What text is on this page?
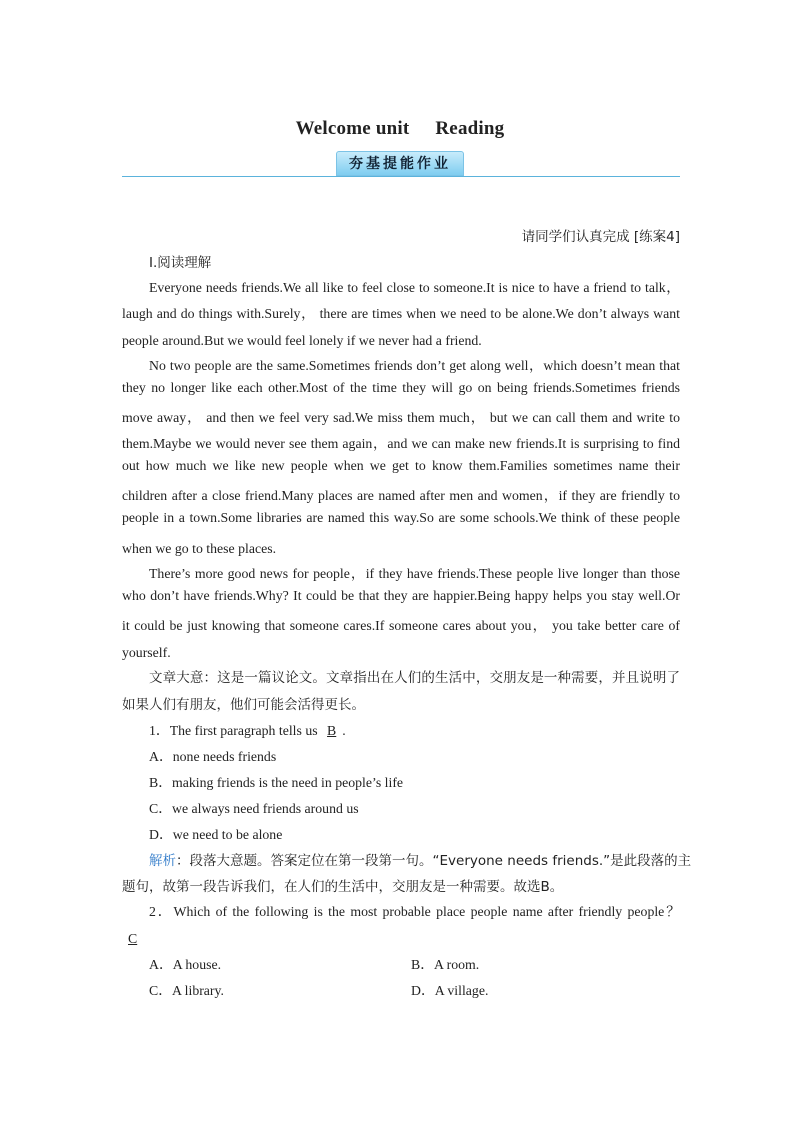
Welcome unit Reading
夯基提能作业
请同学们认真完成 [练案4]
I.阅读理解
Everyone needs friends.We all like to feel close to someone.It is nice to have a friend to talk，
laugh and do things with.Surely， there are times when we need to be alone.We don’t always want
people around.But we would feel lonely if we never had a friend.
No two people are the same.Sometimes friends don’t get along well，which doesn’t mean that
they no longer like each other.Most of the time they will go on being friends.Sometimes friends
move away， and then we feel very sad.We miss them much， but we can call them and write to
them.Maybe we would never see them again，and we can make new friends.It is surprising to find
out how much we like new people when we get to know them.Families sometimes name their
children after a close friend.Many places are named after men and women，if they are friendly to
people in a town.Some libraries are named this way.So are some schools.We think of these people
when we go to these places.
There’s more good news for people，if they have friends.These people live longer than those
who don’t have friends.Why? It could be that they are happier.Being happy helps you stay well.Or
it could be just knowing that someone cares.If someone cares about you， you take better care of
yourself.
文章大意：这是一篇议论文。文章指出在人们的生活中，交朋友是一种需要，并且说明了
如果人们有朋友，他们可能会活得更长。
1．The first paragraph tells us B .
A．none needs friends
B．making friends is the need in people’s life
C．we always need friends around us
D．we need to be alone
解析：段落大意题。答案定位在第一段第一句。“Everyone needs friends.”是此段落的主
题句，故第一段告诉我们，在人们的生活中，交朋友是一种需要。故选B。
2．Which of the following is the most probable place people name after friendly people？
C
A．A house.	B．A room.
C．A library.	D．A village.
